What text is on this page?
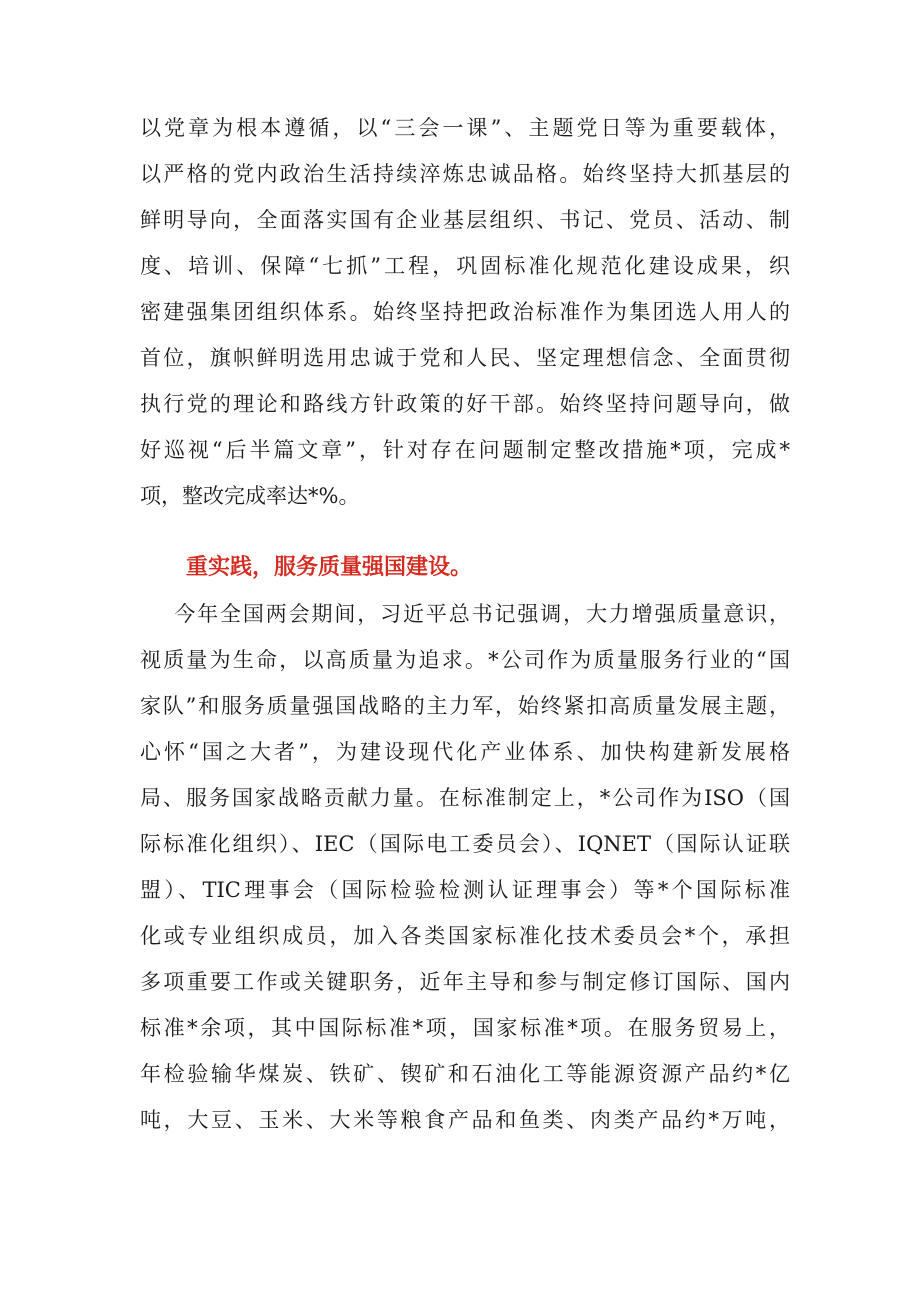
以党章为根本遵循，以“三会一课”、主题党日等为重要载体，
以严格的党内政治生活持续淬炼忠诚品格。始终坚持大抓基层的
鲜明导向，全面落实国有企业基层组织、书记、党员、活动、制
度、培训、保障“七抓”工程，巩固标准化规范化建设成果，织
密建强集团组织体系。始终坚持把政治标准作为集团选人用人的
首位，旗帜鲜明选用忠诚于党和人民、坚定理想信念、全面贯彻
执行党的理论和路线方针政策的好干部。始终坚持问题导向，做
好巡视“后半篇文章”，针对存在问题制定整改措施*项，完成*
项，整改完成率达*%。
重实践，服务质量强国建设。
今年全国两会期间，习近平总书记强调，大力增强质量意识，
视质量为生命，以高质量为追求。*公司作为质量服务行业的“国
家队”和服务质量强国战略的主力军，始终紧扣高质量发展主题，
心怀“国之大者”，为建设现代化产业体系、加快构建新发展格
局、服务国家战略贡献力量。在标准制定上，*公司作为ISO（国
际标准化组织）、IEC（国际电工委员会）、IQNET（国际认证联
盟）、TIC理事会（国际检验检测认证理事会）等*个国际标准
化或专业组织成员，加入各类国家标准化技术委员会*个，承担
多项重要工作或关键职务，近年主导和参与制定修订国际、国内
标准*余项，其中国际标准*项，国家标准*项。在服务贸易上，
年检验输华煤炭、铁矿、锲矿和石油化工等能源资源产品约*亿
吨，大豆、玉米、大米等粮食产品和鱼类、肉类产品约*万吨，
